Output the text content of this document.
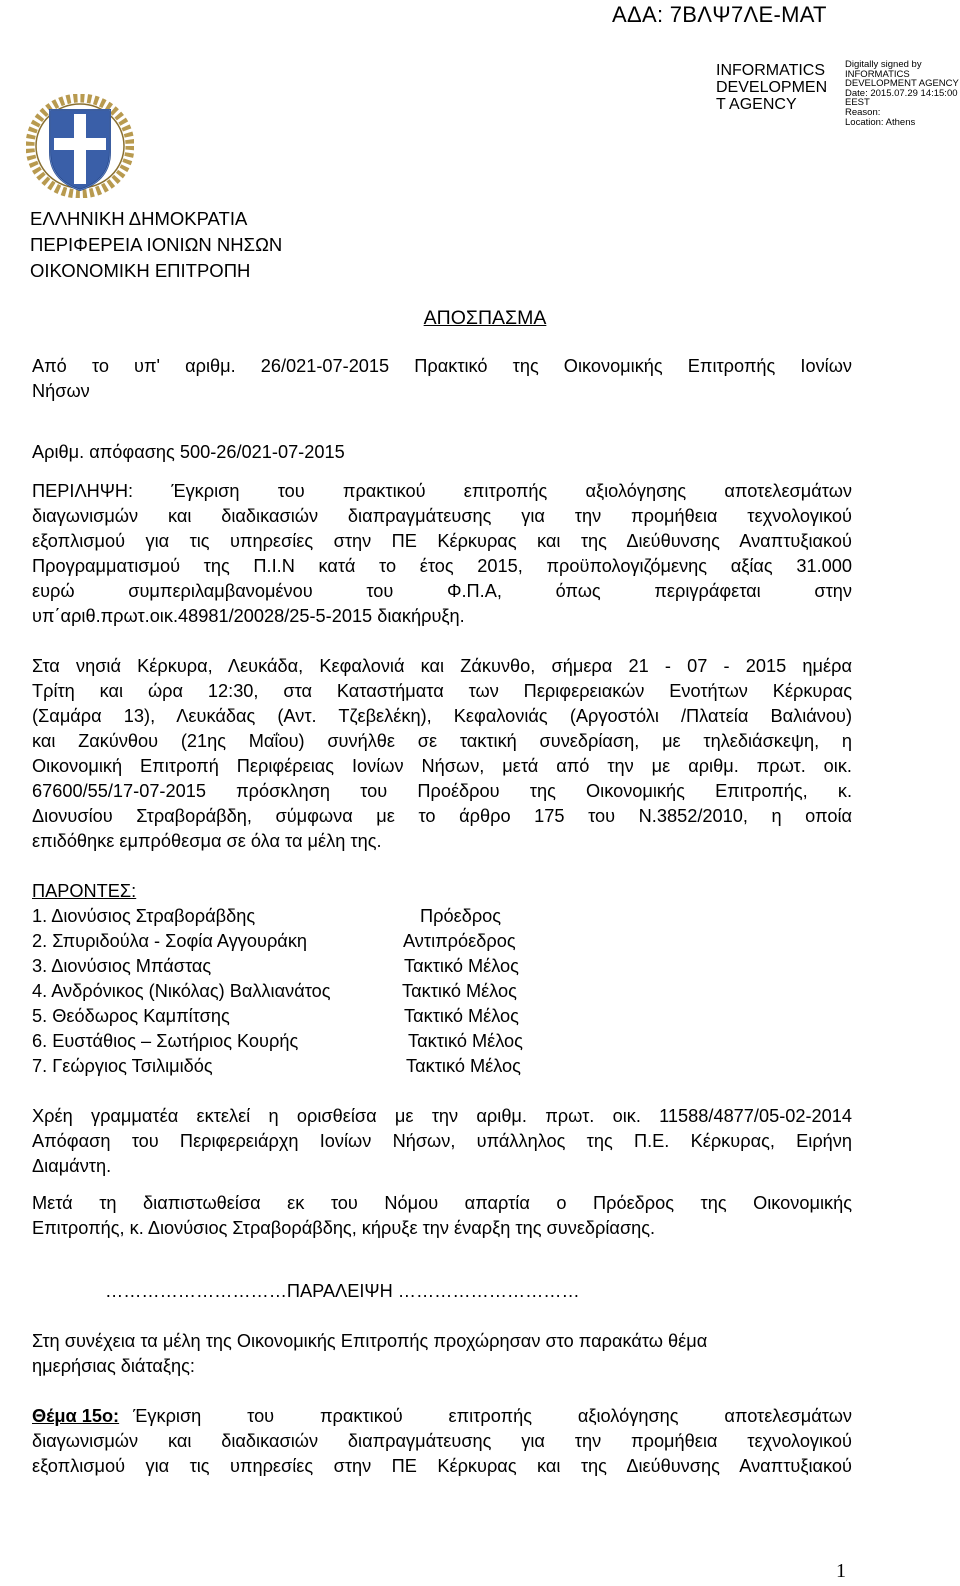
ΑΔΑ: 7ΒΛΨ7ΛΕ-ΜΑΤ
INFORMATICS
DEVELOPMEN
T AGENCY
Digitally signed by
INFORMATICS
DEVELOPMENT AGENCY
Date: 2015.07.29 14:15:00
EEST
Reason:
Location: Athens
ΕΛΛΗΝΙΚΗ ΔΗΜΟΚΡΑΤΙΑ
ΠΕΡΙΦΕΡΕΙΑ ΙΟΝΙΩΝ ΝΗΣΩΝ
ΟΙΚΟΝΟΜΙΚΗ ΕΠΙΤΡΟΠΗ
ΑΠΟΣΠΑΣΜΑ
Από το υπ' αριθμ. 26/021-07-2015 Πρακτικό της Οικονομικής Επιτροπής Ιονίων
Νήσων
Αριθμ. απόφασης 500-26/021-07-2015
ΠΕΡΙΛΗΨΗ: Έγκριση του πρακτικού επιτροπής αξιολόγησης αποτελεσμάτων
διαγωνισμών και διαδικασιών διαπραγμάτευσης για την προμήθεια τεχνολογικού
εξοπλισμού για τις υπηρεσίες στην ΠΕ Κέρκυρας και της Διεύθυνσης Αναπτυξιακού
Προγραμματισμού της Π.Ι.Ν κατά το έτος 2015, προϋπολογιζόμενης αξίας 31.000
ευρώ συμπεριλαμβανομένου του Φ.Π.Α, όπως περιγράφεται στην
υπ΄αριθ.πρωτ.οικ.48981/20028/25-5-2015 διακήρυξη.
Στα νησιά Κέρκυρα, Λευκάδα, Κεφαλονιά και Ζάκυνθο, σήμερα 21 - 07 - 2015 ημέρα
Τρίτη και ώρα 12:30, στα Καταστήματα των Περιφερειακών Ενοτήτων Κέρκυρας
(Σαμάρα 13), Λευκάδας (Αντ. Τζεβελέκη), Κεφαλονιάς (Αργοστόλι /Πλατεία Βαλιάνου)
και Ζακύνθου (21ης Μαΐου) συνήλθε σε τακτική συνεδρίαση, με τηλεδιάσκεψη, η
Οικονομική Επιτροπή Περιφέρειας Ιονίων Νήσων, μετά από την με αριθμ. πρωτ. οικ.
67600/55/17-07-2015 πρόσκληση του Προέδρου της Οικονομικής Επιτροπής, κ.
Διονυσίου Στραβοράβδη, σύμφωνα με το άρθρο 175 του Ν.3852/2010, η οποία
επιδόθηκε εμπρόθεσμα σε όλα τα μέλη της.
ΠΑΡΟΝΤΕΣ:
1. Διονύσιος Στραβοράβδης	Πρόεδρος
2. Σπυριδούλα - Σοφία Αγγουράκη	Αντιπρόεδρος
3. Διονύσιος Μπάστας	Τακτικό Μέλος
4. Ανδρόνικος (Νικόλας) Βαλλιανάτος	Τακτικό Μέλος
5. Θεόδωρος Καμπίτσης	Τακτικό Μέλος
6. Ευστάθιος – Σωτήριος Κουρής	Τακτικό Μέλος
7. Γεώργιος Τσιλιμιδός	Τακτικό Μέλος
Χρέη γραμματέα εκτελεί η ορισθείσα με την αριθμ. πρωτ. οικ. 11588/4877/05-02-2014
Απόφαση του Περιφερειάρχη Ιονίων Νήσων, υπάλληλος της Π.Ε. Κέρκυρας, Ειρήνη
Διαμάντη.
Μετά τη διαπιστωθείσα εκ του Νόμου απαρτία ο Πρόεδρος της Οικονομικής
Επιτροπής, κ. Διονύσιος Στραβοράβδης, κήρυξε την έναρξη της συνεδρίασης.
…………………………ΠΑΡΑΛΕΙΨΗ …………………………
Στη συνέχεια τα μέλη της Οικονομικής Επιτροπής προχώρησαν στο παρακάτω θέμα
ημερήσιας διάταξης:
Θέμα 15ο: Έγκριση του πρακτικού επιτροπής αξιολόγησης αποτελεσμάτων
διαγωνισμών και διαδικασιών διαπραγμάτευσης για την προμήθεια τεχνολογικού
εξοπλισμού για τις υπηρεσίες στην ΠΕ Κέρκυρας και της Διεύθυνσης Αναπτυξιακού
1
